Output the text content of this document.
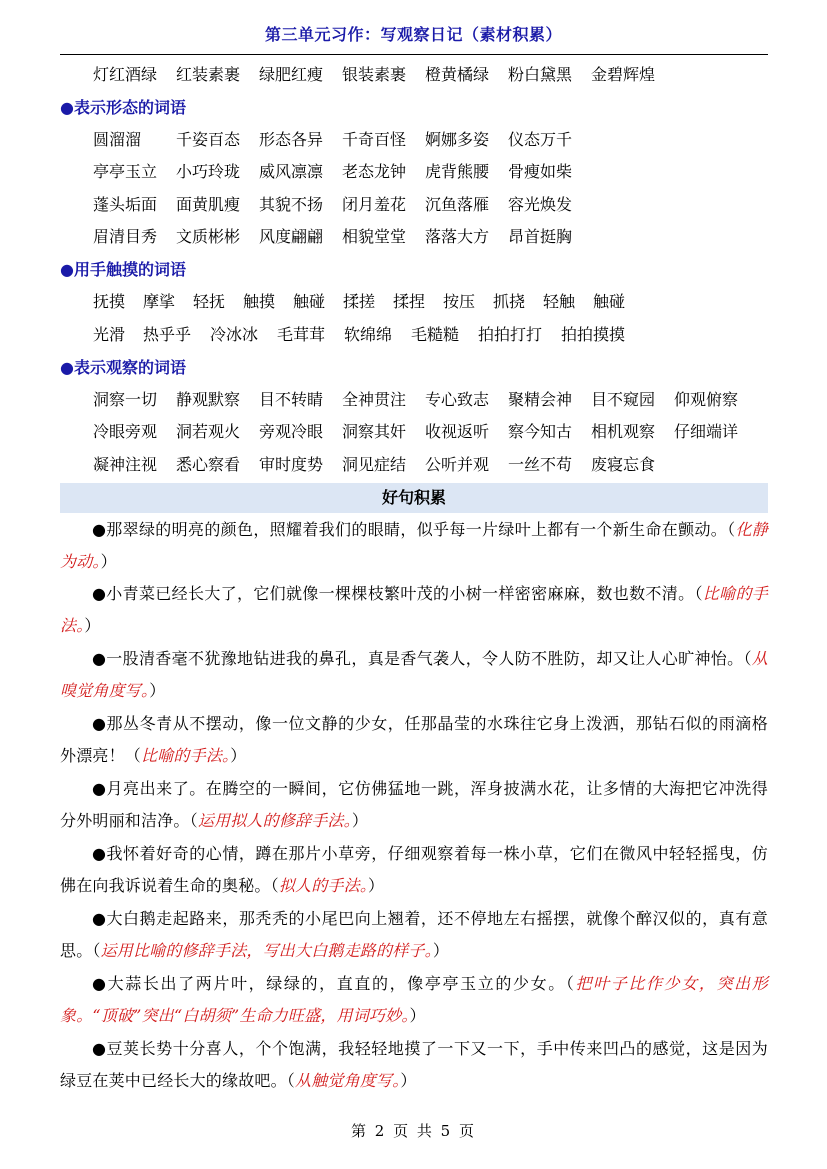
第三单元习作：写观察日记（素材积累）
灯红酒绿	红装素裹	绿肥红瘦	银装素裹	橙黄橘绿	粉白黛黑	金碧辉煌
●表示形态的词语
圆溜溜	千姿百态	形态各异	千奇百怪	婀娜多姿	仪态万千
亭亭玉立	小巧玲珑	威风凛凛	老态龙钟	虎背熊腰	骨瘦如柴
蓬头垢面	面黄肌瘦	其貌不扬	闭月羞花	沉鱼落雁	容光焕发
眉清目秀	文质彬彬	风度翩翩	相貌堂堂	落落大方	昂首挺胸
●用手触摸的词语
抚摸	摩挲	轻抚	触摸	触碰	揉搓	揉捏	按压	抓挠	轻触	触碰
光滑	热乎乎	冷冰冰	毛茸茸	软绵绵	毛糙糙	拍拍打打	拍拍摸摸
●表示观察的词语
洞察一切	静观默察	目不转睛	全神贯注	专心致志	聚精会神	目不窥园	仰观俯察
冷眼旁观	洞若观火	旁观冷眼	洞察其奸	收视返听	察今知古	相机观察	仔细端详
凝神注视	悉心察看	审时度势	洞见症结	公听并观	一丝不苟	废寝忘食
好句积累
●那翠绿的明亮的颜色，照耀着我们的眼睛，似乎每一片绿叶上都有一个新生命在颤动。（化静为动。）
●小青菜已经长大了，它们就像一棵棵枝繁叶茂的小树一样密密麻麻，数也数不清。（比喻的手法。）
●一股清香毫不犹豫地钻进我的鼻孔，真是香气袭人，令人防不胜防，却又让人心旷神怡。（从嗅觉角度写。）
●那丛冬青从不摆动，像一位文静的少女，任那晶莹的水珠往它身上泼洒，那钻石似的雨滴格外漂亮！（比喻的手法。）
●月亮出来了。在腾空的一瞬间，它仿佛猛地一跳，浑身披满水花，让多情的大海把它冲洗得分外明丽和洁净。（运用拟人的修辞手法。）
●我怀着好奇的心情，蹲在那片小草旁，仔细观察着每一株小草，它们在微风中轻轻摇曳，仿佛在向我诉说着生命的奥秘。（拟人的手法。）
●大白鹅走起路来，那秃秃的小尾巴向上翘着，还不停地左右摇摆，就像个醉汉似的，真有意思。（运用比喻的修辞手法，写出大白鹅走路的样子。）
●大蒜长出了两片叶，绿绿的，直直的，像亭亭玉立的少女。（把叶子比作少女，突出形象。“顶破”突出“白胡须”生命力旺盛，用词巧妙。）
●豆荚长势十分喜人，个个饱满，我轻轻地摸了一下又一下，手中传来凹凸的感觉，这是因为绿豆在荚中已经长大的缘故吧。（从触觉角度写。）
第 2 页 共 5 页
